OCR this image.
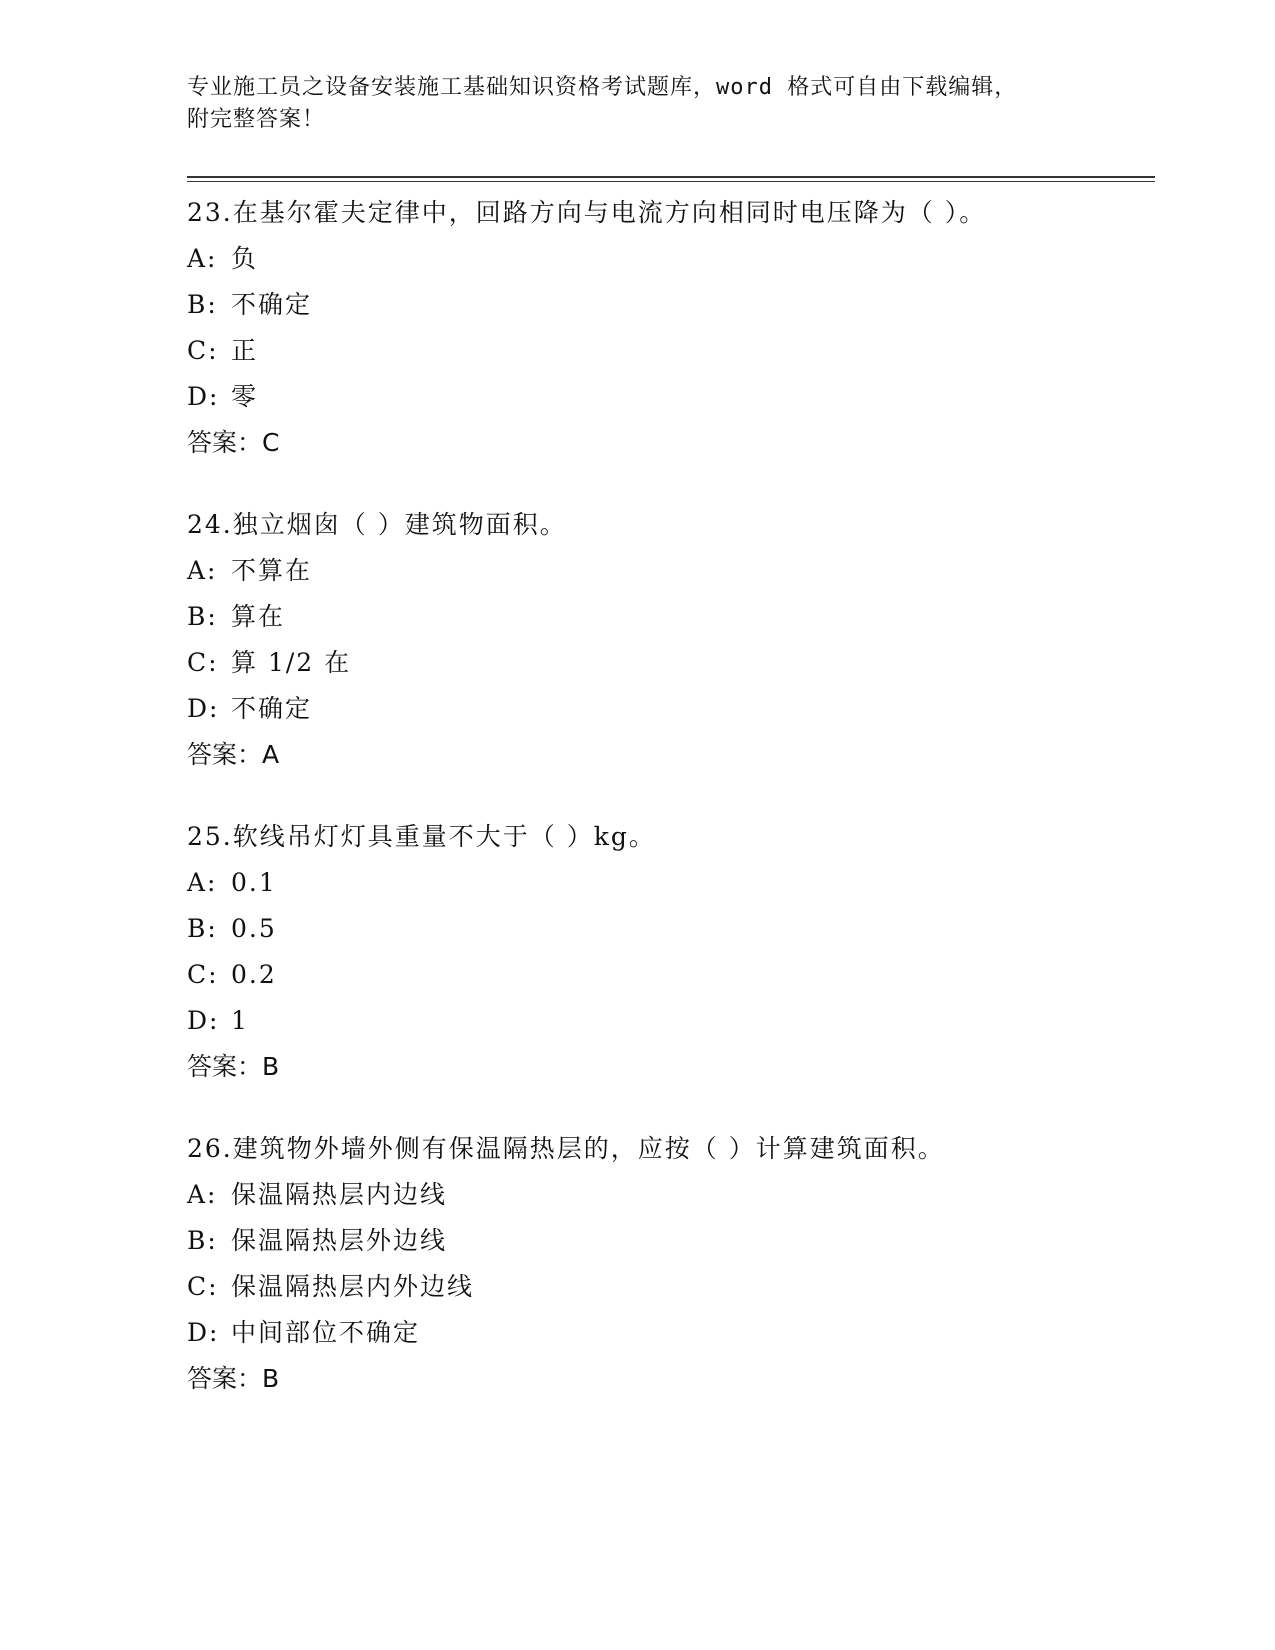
专业施工员之设备安装施工基础知识资格考试题库，word 格式可自由下载编辑，
附完整答案！
23.在基尔霍夫定律中，回路方向与电流方向相同时电压降为（ ）。
A: 负
B: 不确定
C: 正
D: 零
答案：C
24.独立烟囱（ ）建筑物面积。
A: 不算在
B: 算在
C: 算 1/2 在
D: 不确定
答案：A
25.软线吊灯灯具重量不大于（ ）kg。
A: 0.1
B: 0.5
C: 0.2
D: 1
答案：B
26.建筑物外墙外侧有保温隔热层的，应按（ ）计算建筑面积。
A: 保温隔热层内边线
B: 保温隔热层外边线
C: 保温隔热层内外边线
D: 中间部位不确定
答案：B
